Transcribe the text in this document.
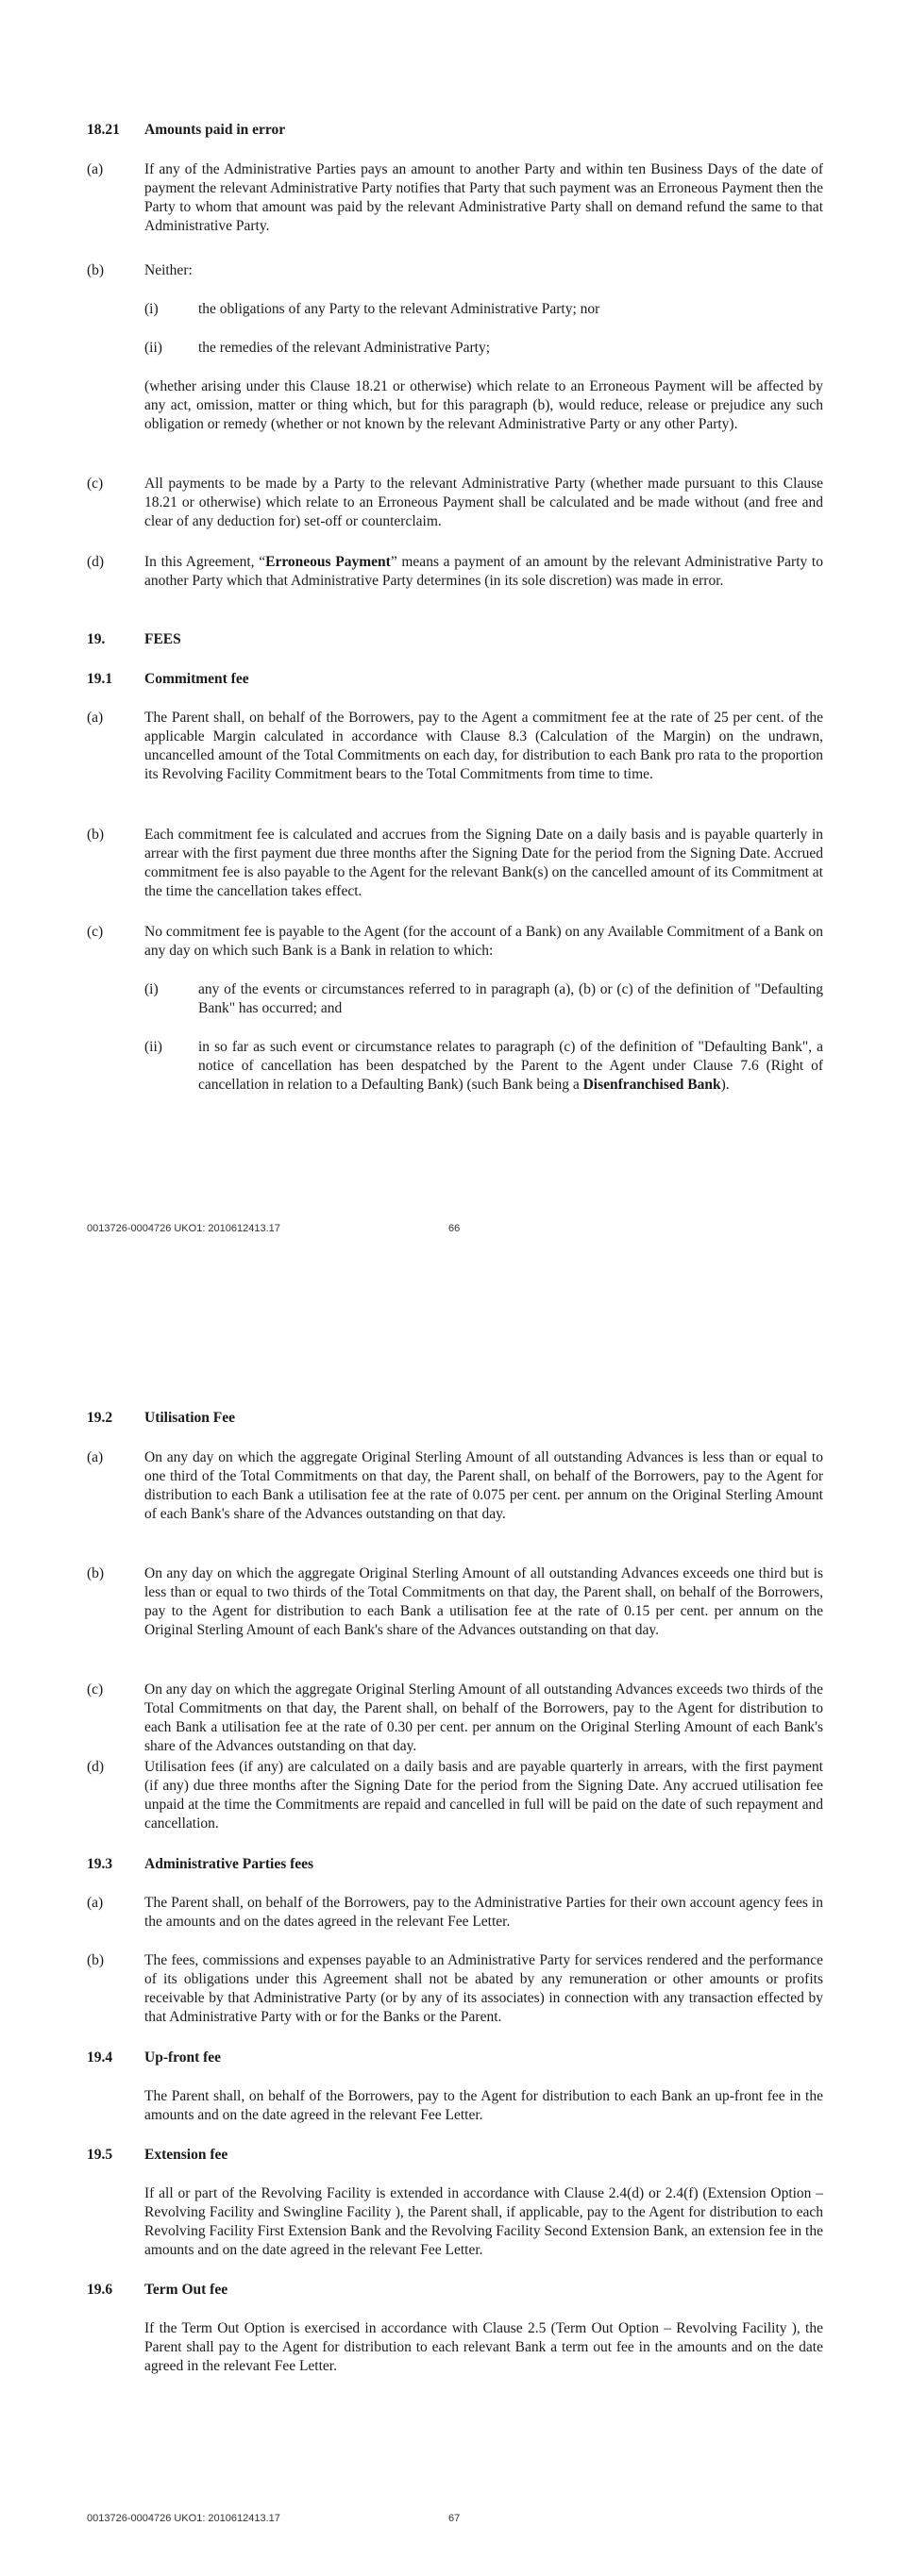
18.21 Amounts paid in error
(a)	If any of the Administrative Parties pays an amount to another Party and within ten Business Days of the date of payment the relevant Administrative Party notifies that Party that such payment was an Erroneous Payment then the Party to whom that amount was paid by the relevant Administrative Party shall on demand refund the same to that Administrative Party.
(b)	Neither:
(i)	the obligations of any Party to the relevant Administrative Party; nor
(ii) the remedies of the relevant Administrative Party;
(whether arising under this Clause 18.21 or otherwise) which relate to an Erroneous Payment will be affected by any act, omission, matter or thing which, but for this paragraph (b), would reduce, release or prejudice any such obligation or remedy (whether or not known by the relevant Administrative Party or any other Party).
(c)	All payments to be made by a Party to the relevant Administrative Party (whether made pursuant to this Clause 18.21 or otherwise) which relate to an Erroneous Payment shall be calculated and be made without (and free and clear of any deduction for) set-off or counterclaim.
(d)	In this Agreement, “Erroneous Payment” means a payment of an amount by the relevant Administrative Party to another Party which that Administrative Party determines (in its sole discretion) was made in error.
19.	FEES
19.1 Commitment fee
(a)	The Parent shall, on behalf of the Borrowers, pay to the Agent a commitment fee at the rate of 25 per cent. of the applicable Margin calculated in accordance with Clause 8.3 (Calculation of the Margin) on the undrawn, uncancelled amount of the Total Commitments on each day, for distribution to each Bank pro rata to the proportion its Revolving Facility Commitment bears to the Total Commitments from time to time.
(b)	Each commitment fee is calculated and accrues from the Signing Date on a daily basis and is payable quarterly in arrear with the first payment due three months after the Signing Date for the period from the Signing Date. Accrued commitment fee is also payable to the Agent for the relevant Bank(s) on the cancelled amount of its Commitment at the time the cancellation takes effect.
(c)	No commitment fee is payable to the Agent (for the account of a Bank) on any Available Commitment of a Bank on any day on which such Bank is a Bank in relation to which:
(i)	any of the events or circumstances referred to in paragraph (a), (b) or (c) of the definition of "Defaulting Bank" has occurred; and
(ii) in so far as such event or circumstance relates to paragraph (c) of the definition of "Defaulting Bank", a notice of cancellation has been despatched by the Parent to the Agent under Clause 7.6 (Right of cancellation in relation to a Defaulting Bank) (such Bank being a Disenfranchised Bank).
0013726-0004726 UKO1: 2010612413.17	66
19.2 Utilisation Fee
(a)	On any day on which the aggregate Original Sterling Amount of all outstanding Advances is less than or equal to one third of the Total Commitments on that day, the Parent shall, on behalf of the Borrowers, pay to the Agent for distribution to each Bank a utilisation fee at the rate of 0.075 per cent. per annum on the Original Sterling Amount of each Bank's share of the Advances outstanding on that day.
(b)	On any day on which the aggregate Original Sterling Amount of all outstanding Advances exceeds one third but is less than or equal to two thirds of the Total Commitments on that day, the Parent shall, on behalf of the Borrowers, pay to the Agent for distribution to each Bank a utilisation fee at the rate of 0.15 per cent. per annum on the Original Sterling Amount of each Bank's share of the Advances outstanding on that day.
(c)	On any day on which the aggregate Original Sterling Amount of all outstanding Advances exceeds two thirds of the Total Commitments on that day, the Parent shall, on behalf of the Borrowers, pay to the Agent for distribution to each Bank a utilisation fee at the rate of 0.30 per cent. per annum on the Original Sterling Amount of each Bank's share of the Advances outstanding on that day.
(d)	Utilisation fees (if any) are calculated on a daily basis and are payable quarterly in arrears, with the first payment (if any) due three months after the Signing Date for the period from the Signing Date. Any accrued utilisation fee unpaid at the time the Commitments are repaid and cancelled in full will be paid on the date of such repayment and cancellation.
19.3 Administrative Parties fees
(a)	The Parent shall, on behalf of the Borrowers, pay to the Administrative Parties for their own account agency fees in the amounts and on the dates agreed in the relevant Fee Letter.
(b)	The fees, commissions and expenses payable to an Administrative Party for services rendered and the performance of its obligations under this Agreement shall not be abated by any remuneration or other amounts or profits receivable by that Administrative Party (or by any of its associates) in connection with any transaction effected by that Administrative Party with or for the Banks or the Parent.
19.4 Up-front fee
The Parent shall, on behalf of the Borrowers, pay to the Agent for distribution to each Bank an up-front fee in the amounts and on the date agreed in the relevant Fee Letter.
19.5 Extension fee
If all or part of the Revolving Facility is extended in accordance with Clause 2.4(d) or 2.4(f) (Extension Option – Revolving Facility and Swingline Facility ), the Parent shall, if applicable, pay to the Agent for distribution to each Revolving Facility First Extension Bank and the Revolving Facility Second Extension Bank, an extension fee in the amounts and on the date agreed in the relevant Fee Letter.
19.6 Term Out fee
If the Term Out Option is exercised in accordance with Clause 2.5 (Term Out Option – Revolving Facility ), the Parent shall pay to the Agent for distribution to each relevant Bank a term out fee in the amounts and on the date agreed in the relevant Fee Letter.
0013726-0004726 UKO1: 2010612413.17	67
